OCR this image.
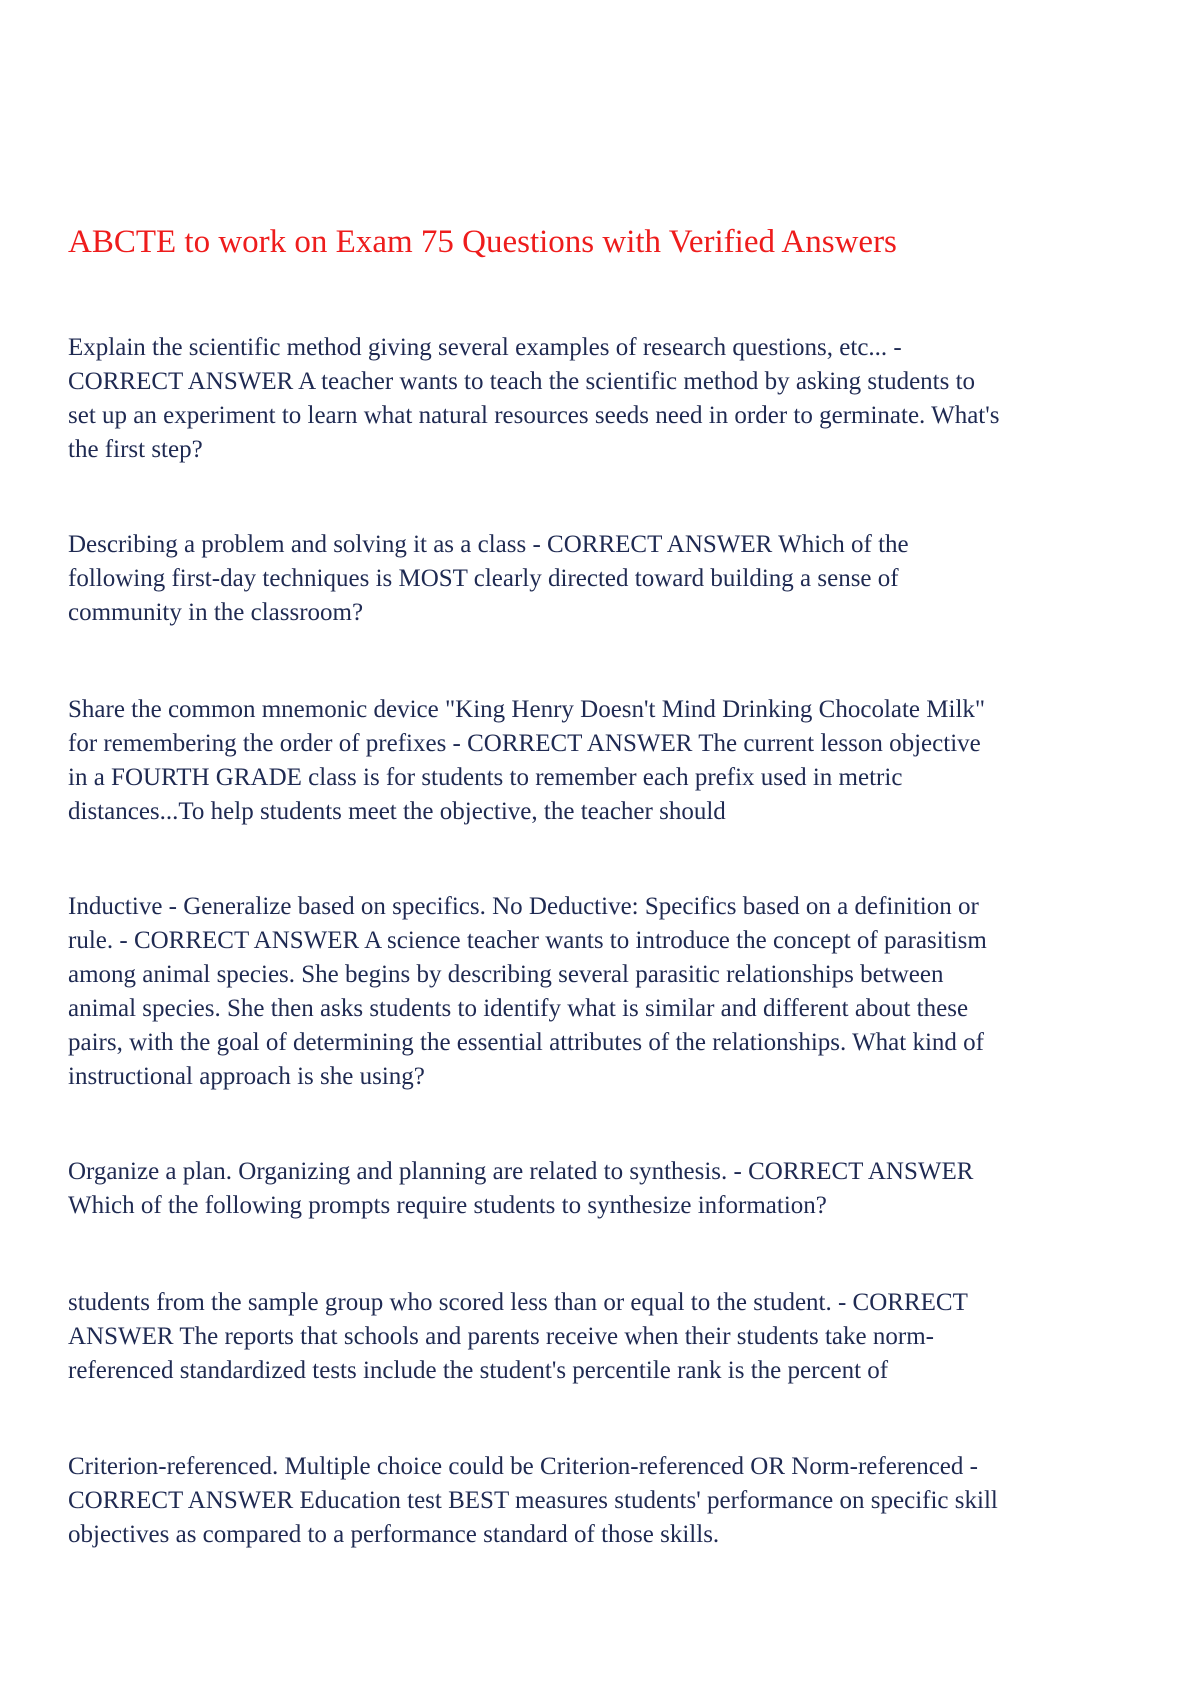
ABCTE to work on Exam 75 Questions with Verified Answers
Explain the scientific method giving several examples of research questions, etc... -
CORRECT ANSWER A teacher wants to teach the scientific method by asking students to
set up an experiment to learn what natural resources seeds need in order to germinate. What's
the first step?
Describing a problem and solving it as a class - CORRECT ANSWER Which of the
following first-day techniques is MOST clearly directed toward building a sense of
community in the classroom?
Share the common mnemonic device "King Henry Doesn't Mind Drinking Chocolate Milk"
for remembering the order of prefixes - CORRECT ANSWER The current lesson objective
in a FOURTH GRADE class is for students to remember each prefix used in metric
distances...To help students meet the objective, the teacher should
Inductive - Generalize based on specifics. No Deductive: Specifics based on a definition or
rule. - CORRECT ANSWER A science teacher wants to introduce the concept of parasitism
among animal species. She begins by describing several parasitic relationships between
animal species. She then asks students to identify what is similar and different about these
pairs, with the goal of determining the essential attributes of the relationships. What kind of
instructional approach is she using?
Organize a plan. Organizing and planning are related to synthesis. - CORRECT ANSWER
Which of the following prompts require students to synthesize information?
students from the sample group who scored less than or equal to the student. - CORRECT
ANSWER The reports that schools and parents receive when their students take norm-
referenced standardized tests include the student's percentile rank is the percent of
Criterion-referenced. Multiple choice could be Criterion-referenced OR Norm-referenced -
CORRECT ANSWER Education test BEST measures students' performance on specific skill
objectives as compared to a performance standard of those skills.
